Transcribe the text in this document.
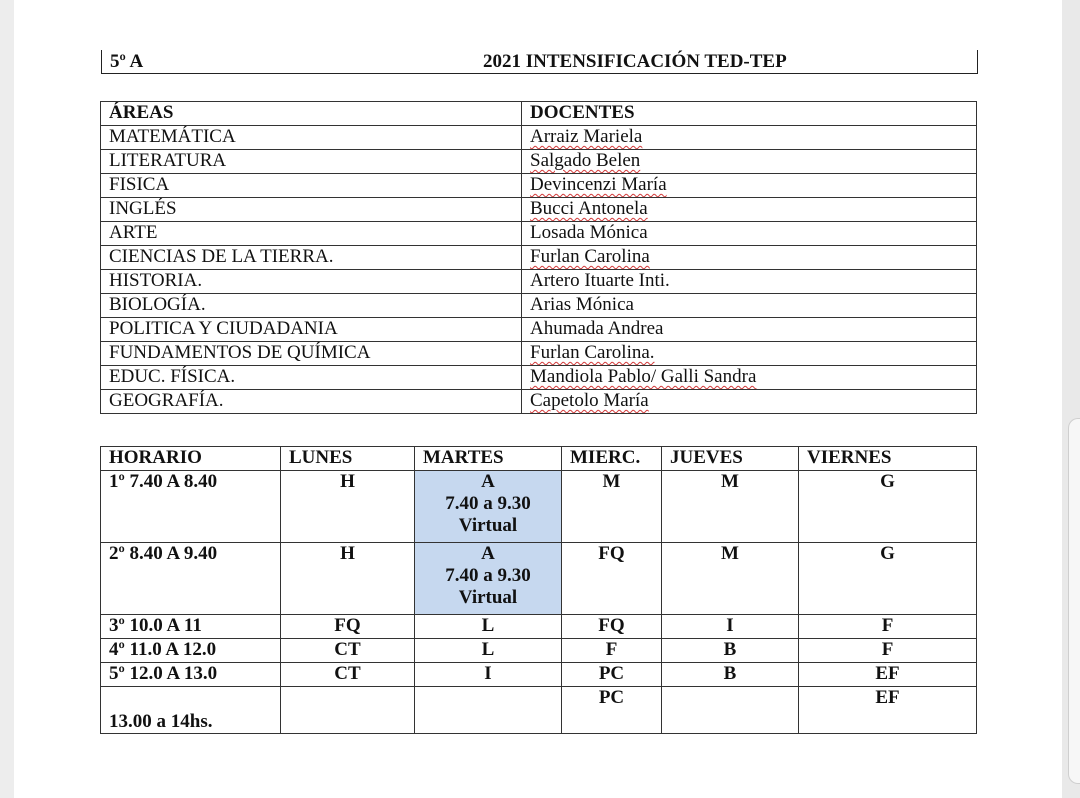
5º A	2021 INTENSIFICACIÓN TED-TEP
ÁREAS	DOCENTES
MATEMÁTICA	Arraiz Mariela
LITERATURA	Salgado Belen
FISICA	Devincenzi María
INGLÉS	Bucci Antonela
ARTE	Losada Mónica
CIENCIAS DE LA TIERRA.	Furlan Carolina
HISTORIA.	Artero Ituarte Inti.
BIOLOGÍA.	Arias Mónica
POLITICA Y CIUDADANIA	Ahumada Andrea
FUNDAMENTOS DE QUÍMICA	Furlan Carolina.
EDUC. FÍSICA.	Mandiola Pablo/ Galli Sandra
GEOGRAFÍA.	Capetolo María
HORARIO	LUNES	MARTES	MIERC.	JUEVES	VIERNES
1º 7.40 A 8.40	H	A
7.40 a 9.30
Virtual	M	M	G
2º 8.40 A 9.40	H	A
7.40 a 9.30
Virtual	FQ	M	G
3º 10.0 A 11	FQ	L	FQ	I	F
4º 11.0 A 12.0	CT	L	F	B	F
5º 12.0 A 13.0	CT	I	PC	B	EF
13.00 a 14hs.			PC		EF
